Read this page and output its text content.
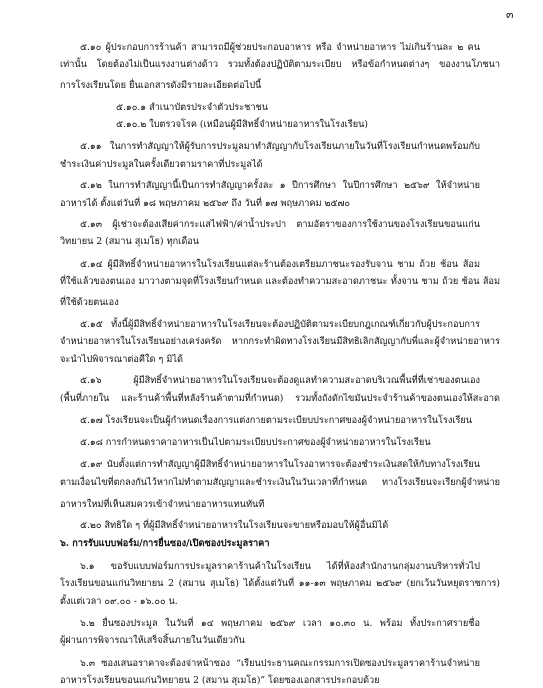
๓
๕.๑๐ ผู้ประกอบการร้านค้า สามารถมีผู้ช่วยประกอบอาหาร หรือ จำหน่ายอาหาร ไม่เกินร้านละ ๒ คน
เท่านั้น โดยต้องไม่เป็นแรงงานต่างด้าว รวมทั้งต้องปฏิบัติตามระเบียบ หรือข้อกำหนดต่างๆ ของงานโภชนา
การโรงเรียนโดย ยื่นเอกสารดังมีรายละเอียดต่อไปนี้
๕.๑๐.๑ สำเนาบัตรประจำตัวประชาชน
๕.๑๐.๒ ใบตรวจโรค (เหมือนผู้มีสิทธิ์จำหน่ายอาหารในโรงเรียน)
๕.๑๑ ในการทำสัญญาให้ผู้รับการประมูลมาทำสัญญากับโรงเรียนภายในวันที่โรงเรียนกำหนดพร้อมกับ
ชำระเงินค่าประมูลในครั้งเดียวตามราคาที่ประมูลได้
๕.๑๒ ในการทำสัญญานี้เป็นการทำสัญญาครั้งละ ๑ ปีการศึกษา ในปีการศึกษา ๒๕๖๙ ให้จำหน่าย
อาหารได้ ตั้งแต่วันที่ ๑๘ พฤษภาคม ๒๕๖๙ ถึง วันที่ ๑๗ พฤษภาคม ๒๕๗๐
๕.๑๓ ผู้เช่าจะต้องเสียค่ากระแสไฟฟ้า/ค่าน้ำประปา ตามอัตราของการใช้งานของโรงเรียนขอนแก่น
วิทยายน 2 (สมาน สุเมโธ) ทุกเดือน
๕.๑๔ ผู้มีสิทธิ์จำหน่ายอาหารในโรงเรียนแต่ละร้านต้องเตรียมภาชนะรองรับจาน ชาม ถ้วย ช้อน ส้อม
ที่ใช้แล้วของตนเอง มาวางตามจุดที่โรงเรียนกำหนด และต้องทำความสะอาดภาชนะ ทั้งจาน ชาม ถ้วย ช้อน ส้อม
ที่ใช้ด้วยตนเอง
๕.๑๕ ทั้งนี้ผู้มีสิทธิ์จำหน่ายอาหารในโรงเรียนจะต้องปฏิบัติตามระเบียบกฎเกณฑ์เกี่ยวกับผู้ประกอบการ
จำหน่ายอาหารในโรงเรียนอย่างเคร่งครัด หากกระทำผิดทางโรงเรียนมีสิทธิเลิกสัญญากับพี่และผู้จำหน่ายอาหาร
จะนำไปพิจารณาต่อคีใด ๆ มิได้
๕.๑๖ ผู้มีสิทธิ์จำหน่ายอาหารในโรงเรียนจะต้องดูแลทำความสะอาดบริเวณพื้นที่ที่เช่าของตนเอง
(พื้นที่ภายใน และร้านค้าพื้นที่หลังร้านค้าตามที่กำหนด) รวมทั้งถังดักไขมันประจำร้านค้าของตนเองให้สะอาด
๕.๑๗ โรงเรียนจะเป็นผู้กำหนดเรื่องการแต่งกายตามระเบียบประกาศของผู้จำหน่ายอาหารในโรงเรียน
๕.๑๘ การกำหนดราคาอาหารเป็นไปตามระเบียบประกาศของผู้จำหน่ายอาหารในโรงเรียน
๕.๑๙ นับตั้งแต่การทำสัญญาผู้มีสิทธิ์จำหน่ายอาหารในโรงอาหารจะต้องชำระเงินสดให้กับทางโรงเรียน
ตามเงื่อนไขที่ตกลงกันไว้หากไม่ทำตามสัญญาและชำระเงินในวันเวลาที่กำหนด ทางโรงเรียนจะเรียกผู้จำหน่าย
อาหารใหม่ที่เห็นสมควรเข้าจำหน่ายอาหารแทนทันที
๕.๒๐ สิทธิใด ๆ ที่ผู้มีสิทธิ์จำหน่ายอาหารในโรงเรียนจะขายหรือมอบให้ผู้อื่นมิได้
๖. การรับแบบฟอร์ม/การยื่นซอง/เปิดซองประมูลราคา
๖.๑ ขอรับแบบฟอร์มการประมูลราคาร้านค้าในโรงเรียน ได้ที่ห้องสำนักงานกลุ่มงานบริหารทั่วไป
โรงเรียนขอนแก่นวิทยายน 2 (สมาน สุเมโธ) ได้ตั้งแต่วันที่ ๑๑-๑๓ พฤษภาคม ๒๕๖๙ (ยกเว้นวันหยุดราชการ)
ตั้งแต่เวลา ๐๙.๐๐ - ๑๖.๐๐ น.
๖.๒ ยื่นซองประมูล ในวันที่ ๑๔ พฤษภาคม ๒๕๖๙ เวลา ๑๐.๓๐ น. พร้อม ทั้งประกาศรายชื่อ
ผู้ผ่านการพิจารณาให้เสร็จสิ้นภายในวันเดียวกัน
๖.๓ ซองเสนอราคาจะต้องจ่าหน้าซอง “เรียนประธานคณะกรรมการเปิดซองประมูลราคาร้านจำหน่าย
อาหารโรงเรียนขอนแก่นวิทยายน 2 (สมาน สุเมโธ)” โดยซองเอกสารประกอบด้วย
